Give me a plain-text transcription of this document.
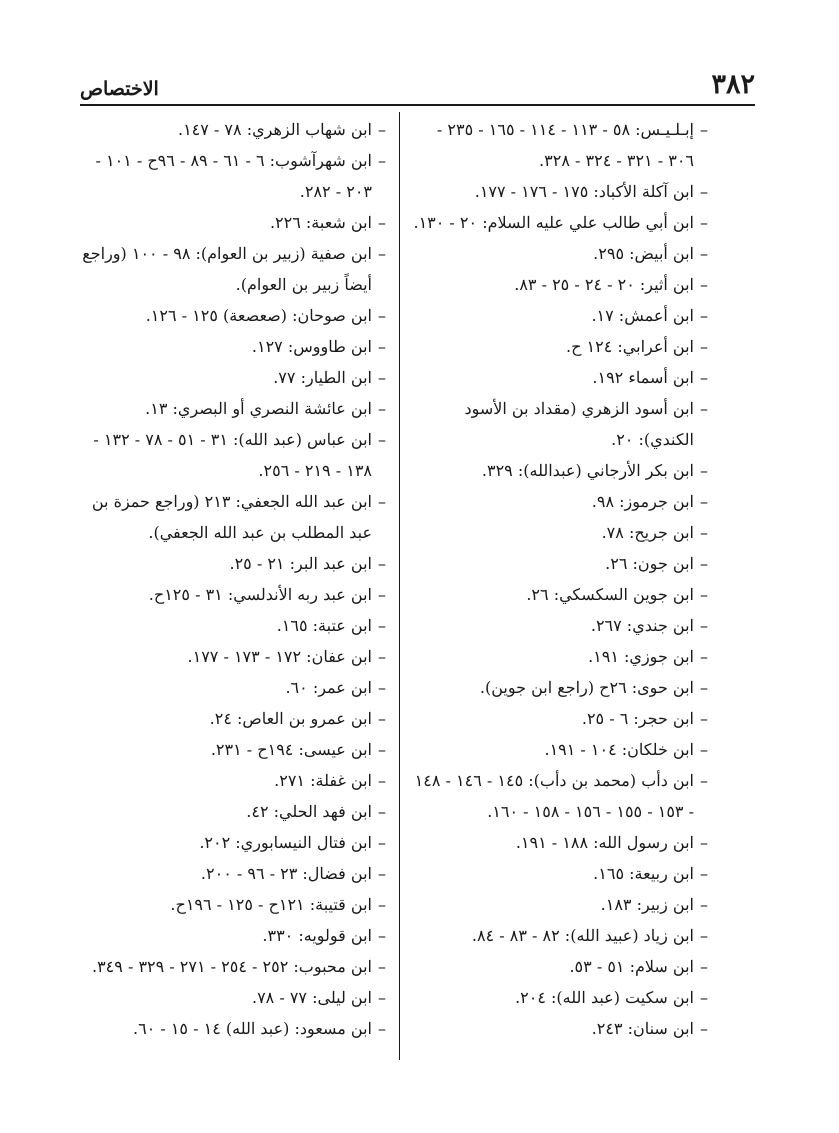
٣٨٢
الاختصاص
– إبـلـيـس: ٥٨ - ١١٣ - ١١٤ - ١٦٥ - ٢٣٥ - ٣٠٦ - ٣٢١ - ٣٢٤ - ٣٢٨.
– ابن آكلة الأكباد: ١٧٥ - ١٧٦ - ١٧٧.
– ابن أبي طالب علي عليه السلام: ٢٠ - ١٣٠.
– ابن أبيض: ٢٩٥.
– ابن أثير: ٢٠ - ٢٤ - ٢٥ - ٨٣.
– ابن أعمش: ١٧.
– ابن أعرابي: ١٢٤ ح.
– ابن أسماء ١٩٢.
– ابن أسود الزهري (مقداد بن الأسود الكندي): ٢٠.
– ابن بكر الأرجاني (عبدالله): ٣٢٩.
– ابن جرموز: ٩٨.
– ابن جريح: ٧٨.
– ابن جون: ٢٦.
– ابن جوين السكسكي: ٢٦.
– ابن جندي: ٢٦٧.
– ابن جوزي: ١٩١.
– ابن حوى: ٢٦ح (راجع ابن جوين).
– ابن حجر: ٦ - ٢٥.
– ابن خلكان: ١٠٤ - ١٩١.
– ابن دأب (محمد بن دأب): ١٤٥ - ١٤٦ - ١٤٨ - ١٥٣ - ١٥٥ - ١٥٦ - ١٥٨ - ١٦٠.
– ابن رسول الله: ١٨٨ - ١٩١.
– ابن ربيعة: ١٦٥.
– ابن زبير: ١٨٣.
– ابن زياد (عبيد الله): ٨٢ - ٨٣ - ٨٤.
– ابن سلام: ٥١ - ٥٣.
– ابن سكيت (عبد الله): ٢٠٤.
– ابن سنان: ٢٤٣.
– ابن شهاب الزهري: ٧٨ - ١٤٧.
– ابن شهرآشوب: ٦ - ٦١ - ٨٩ - ٩٦ح - ١٠١ - ٢٠٣ - ٢٨٢.
– ابن شعبة: ٢٢٦.
– ابن صفية (زبير بن العوام): ٩٨ - ١٠٠ (وراجع أيضاً زبير بن العوام).
– ابن صوحان: (صعصعة) ١٢٥ - ١٢٦.
– ابن طاووس: ١٢٧.
– ابن الطيار: ٧٧.
– ابن عائشة النصري أو البصري: ١٣.
– ابن عباس (عبد الله): ٣١ - ٥١ - ٧٨ - ١٣٢ - ١٣٨ - ٢١٩ - ٢٥٦.
– ابن عبد الله الجعفي: ٢١٣ (وراجع حمزة بن عبد المطلب بن عبد الله الجعفي).
– ابن عبد البر: ٢١ - ٢٥.
– ابن عبد ربه الأندلسي: ٣١ - ١٢٥ح.
– ابن عتبة: ١٦٥.
– ابن عفان: ١٧٢ - ١٧٣ - ١٧٧.
– ابن عمر: ٦٠.
– ابن عمرو بن العاص: ٢٤.
– ابن عيسى: ١٩٤ح - ٢٣١.
– ابن غفلة: ٢٧١.
– ابن فهد الحلي: ٤٢.
– ابن فتال النيسابوري: ٢٠٢.
– ابن فضال: ٢٣ - ٩٦ - ٢٠٠.
– ابن قتيبة: ١٢١ح - ١٢٥ - ١٩٦ح.
– ابن قولويه: ٣٣٠.
– ابن محبوب: ٢٥٢ - ٢٥٤ - ٢٧١ - ٣٢٩ - ٣٤٩.
– ابن ليلى: ٧٧ - ٧٨.
– ابن مسعود: (عبد الله) ١٤ - ١٥ - ٦٠.
